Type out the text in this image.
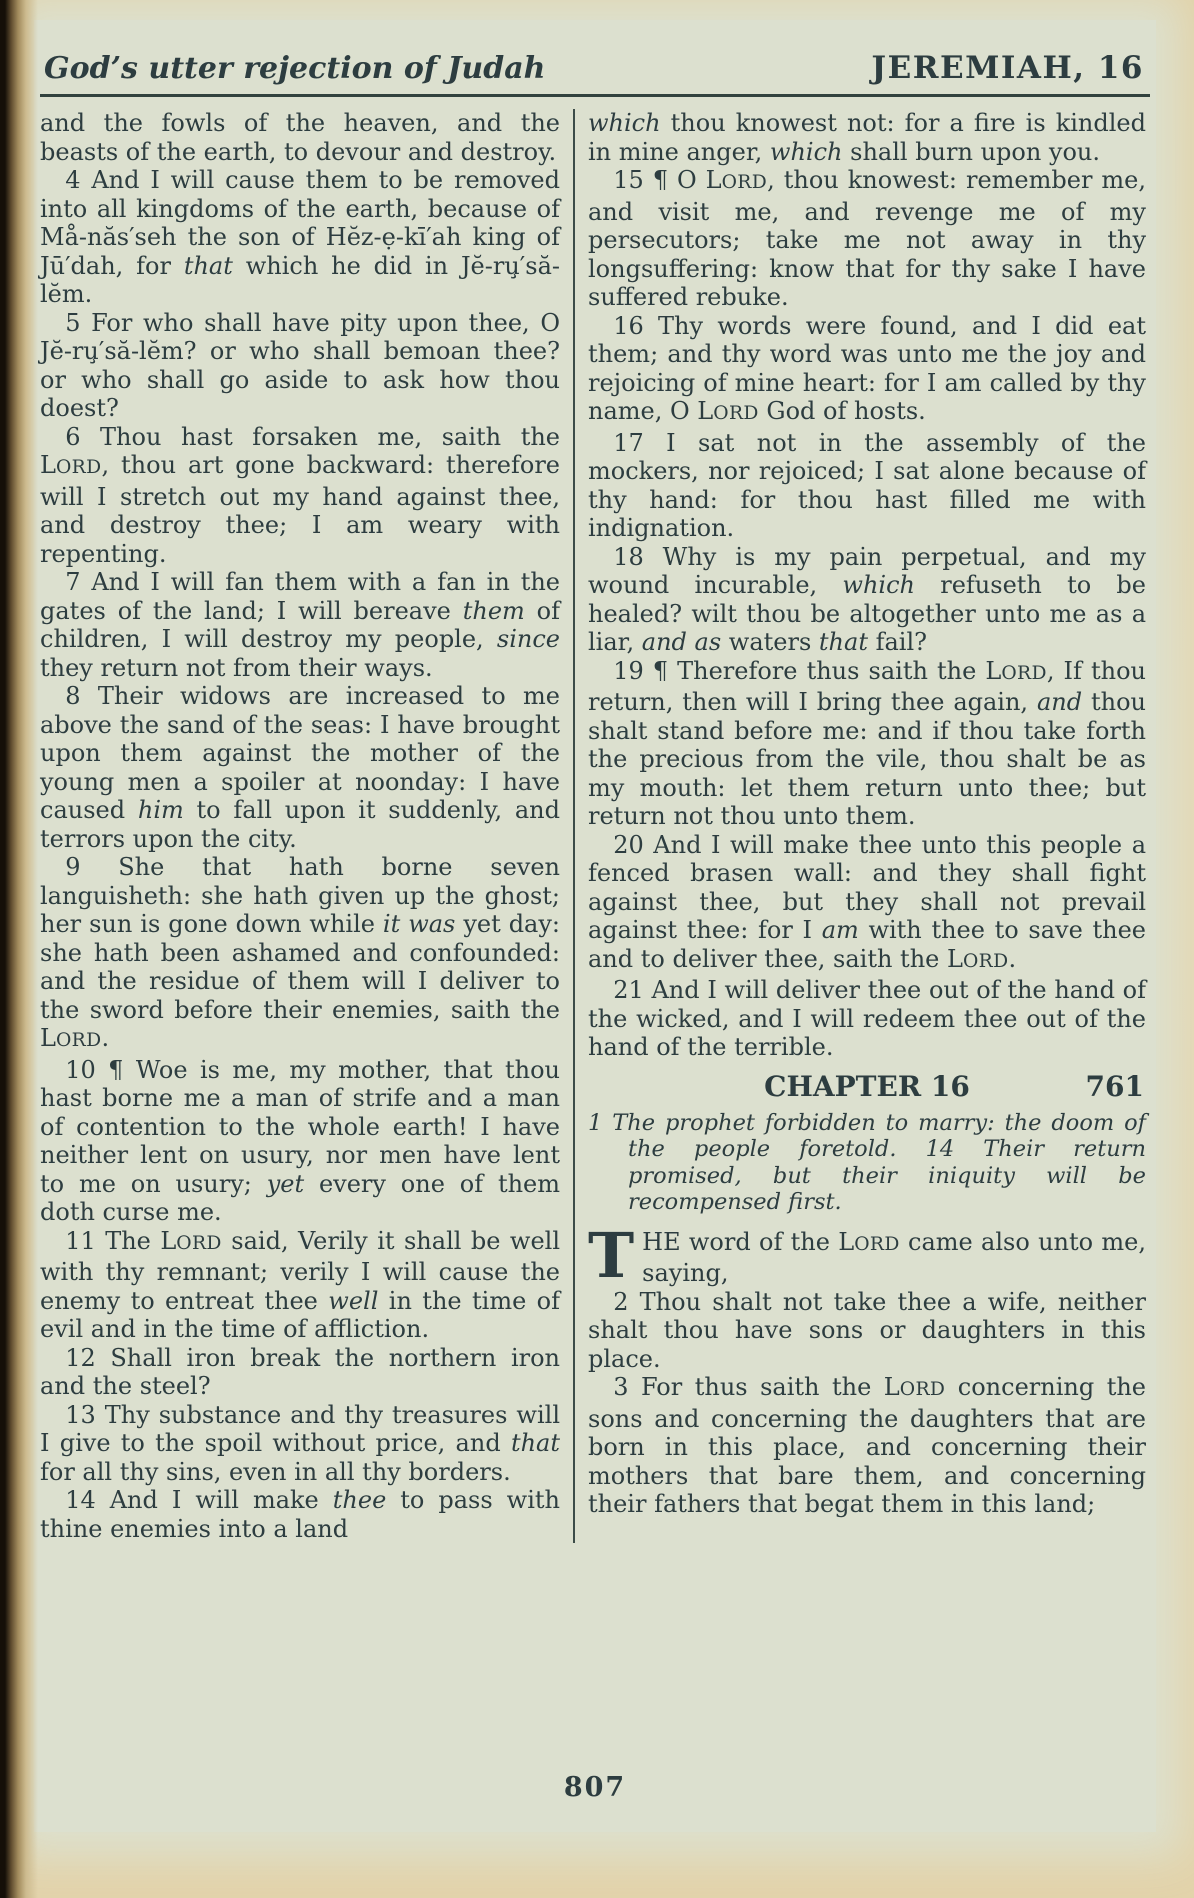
God’s utter rejection of Judah	JEREMIAH, 16

and the fowls of the heaven, and the beasts of the earth, to devour and destroy.

4 And I will cause them to be removed into all kingdoms of the earth, because of Må-năs′seh the son of Hĕz-ẹ-kī′ah king of Jū′dah, for that which he did in Jĕ-ru̧′să-lĕm.

5 For who shall have pity upon thee, O Jĕ-ru̧′să-lĕm? or who shall bemoan thee? or who shall go aside to ask how thou doest?

6 Thou hast forsaken me, saith the LORD, thou art gone backward: therefore will I stretch out my hand against thee, and destroy thee; I am weary with repenting.

7 And I will fan them with a fan in the gates of the land; I will bereave them of children, I will destroy my people, since they return not from their ways.

8 Their widows are increased to me above the sand of the seas: I have brought upon them against the mother of the young men a spoiler at noonday: I have caused him to fall upon it suddenly, and terrors upon the city.

9 She that hath borne seven languisheth: she hath given up the ghost; her sun is gone down while it was yet day: she hath been ashamed and confounded: and the residue of them will I deliver to the sword before their enemies, saith the LORD.

10 ¶ Woe is me, my mother, that thou hast borne me a man of strife and a man of contention to the whole earth! I have neither lent on usury, nor men have lent to me on usury; yet every one of them doth curse me.

11 The LORD said, Verily it shall be well with thy remnant; verily I will cause the enemy to entreat thee well in the time of evil and in the time of affliction.

12 Shall iron break the northern iron and the steel?

13 Thy substance and thy treasures will I give to the spoil without price, and that for all thy sins, even in all thy borders.

14 And I will make thee to pass with thine enemies into a land

which thou knowest not: for a fire is kindled in mine anger, which shall burn upon you.

15 ¶ O LORD, thou knowest: remember me, and visit me, and revenge me of my persecutors; take me not away in thy longsuffering: know that for thy sake I have suffered rebuke.

16 Thy words were found, and I did eat them; and thy word was unto me the joy and rejoicing of mine heart: for I am called by thy name, O LORD God of hosts.

17 I sat not in the assembly of the mockers, nor rejoiced; I sat alone because of thy hand: for thou hast filled me with indignation.

18 Why is my pain perpetual, and my wound incurable, which refuseth to be healed? wilt thou be altogether unto me as a liar, and as waters that fail?

19 ¶ Therefore thus saith the LORD, If thou return, then will I bring thee again, and thou shalt stand before me: and if thou take forth the precious from the vile, thou shalt be as my mouth: let them return unto thee; but return not thou unto them.

20 And I will make thee unto this people a fenced brasen wall: and they shall fight against thee, but they shall not prevail against thee: for I am with thee to save thee and to deliver thee, saith the LORD.

21 And I will deliver thee out of the hand of the wicked, and I will redeem thee out of the hand of the terrible.

CHAPTER 16	761

1 The prophet forbidden to marry: the doom of the people foretold. 14 Their return promised, but their iniquity will be recompensed first.

THE word of the LORD came also unto me, saying,

2 Thou shalt not take thee a wife, neither shalt thou have sons or daughters in this place.

3 For thus saith the LORD concerning the sons and concerning the daughters that are born in this place, and concerning their mothers that bare them, and concerning their fathers that begat them in this land;

807
